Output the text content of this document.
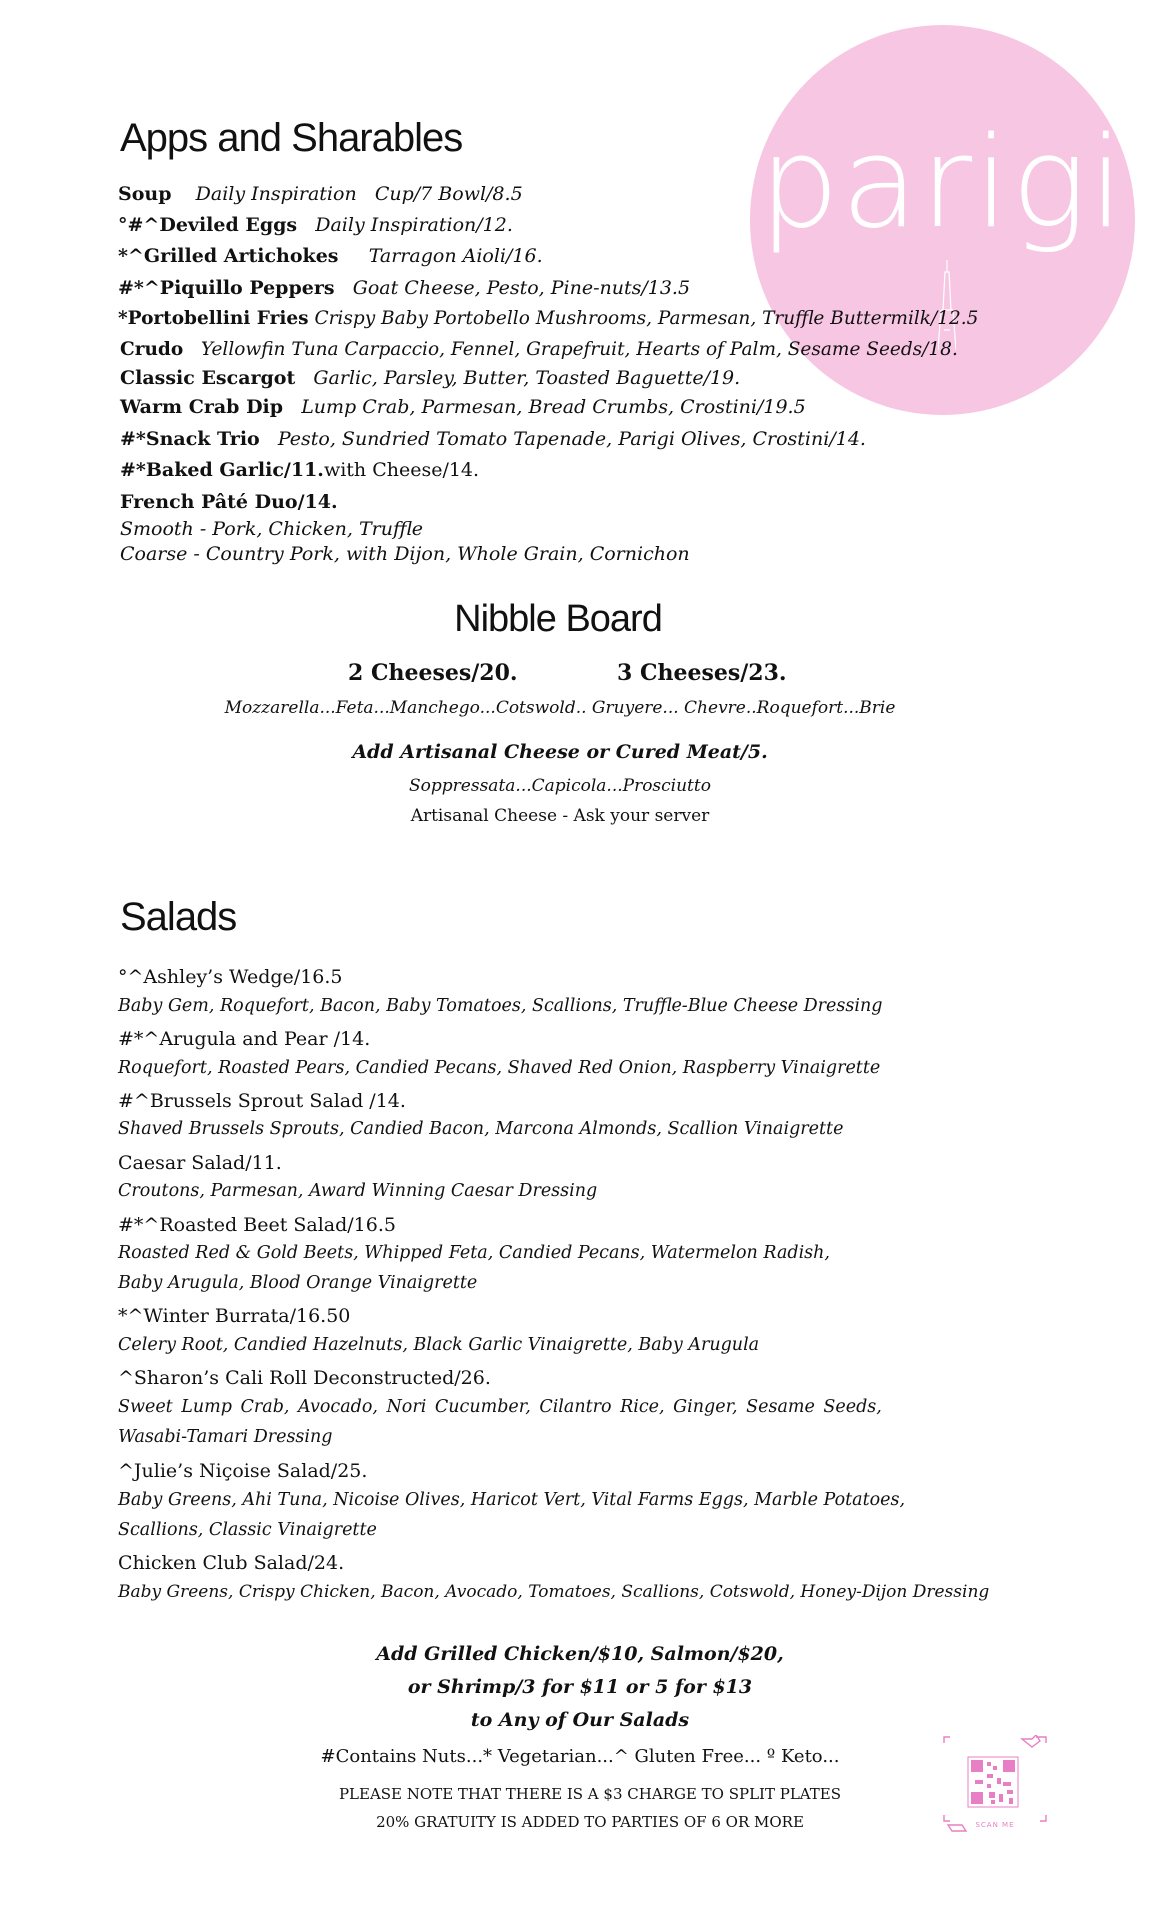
parigi
Apps and Sharables
Soup Daily Inspiration Cup/7 Bowl/8.5
°#^Deviled Eggs Daily Inspiration/12.
*^Grilled Artichokes Tarragon Aioli/16.
#*^Piquillo Peppers Goat Cheese, Pesto, Pine-nuts/13.5
*Portobellini Fries Crispy Baby Portobello Mushrooms, Parmesan, Truffle Buttermilk/12.5
Crudo Yellowfin Tuna Carpaccio, Fennel, Grapefruit, Hearts of Palm, Sesame Seeds/18.
Classic Escargot Garlic, Parsley, Butter, Toasted Baguette/19.
Warm Crab Dip Lump Crab, Parmesan, Bread Crumbs, Crostini/19.5
#*Snack Trio Pesto, Sundried Tomato Tapenade, Parigi Olives, Crostini/14.
#*Baked Garlic/11.with Cheese/14.
French Pâté Duo/14.
Smooth - Pork, Chicken, Truffle
Coarse - Country Pork, with Dijon, Whole Grain, Cornichon
Nibble Board
2 Cheeses/20.	3 Cheeses/23.
Mozzarella...Feta...Manchego...Cotswold.. Gruyere... Chevre..Roquefort...Brie
Add Artisanal Cheese or Cured Meat/5.
Soppressata...Capicola...Prosciutto
Artisanal Cheese - Ask your server
Salads
°^Ashley’s Wedge/16.5
Baby Gem, Roquefort, Bacon, Baby Tomatoes, Scallions, Truffle-Blue Cheese Dressing
#*^Arugula and Pear /14.
Roquefort, Roasted Pears, Candied Pecans, Shaved Red Onion, Raspberry Vinaigrette
#^Brussels Sprout Salad /14.
Shaved Brussels Sprouts, Candied Bacon, Marcona Almonds, Scallion Vinaigrette
Caesar Salad/11.
Croutons, Parmesan, Award Winning Caesar Dressing
#*^Roasted Beet Salad/16.5
Roasted Red & Gold Beets, Whipped Feta, Candied Pecans, Watermelon Radish,
Baby Arugula, Blood Orange Vinaigrette
*^Winter Burrata/16.50
Celery Root, Candied Hazelnuts, Black Garlic Vinaigrette, Baby Arugula
^Sharon’s Cali Roll Deconstructed/26.
Sweet Lump Crab, Avocado, Nori Cucumber, Cilantro Rice, Ginger, Sesame Seeds,
Wasabi-Tamari Dressing
^Julie’s Niçoise Salad/25.
Baby Greens, Ahi Tuna, Nicoise Olives, Haricot Vert, Vital Farms Eggs, Marble Potatoes,
Scallions, Classic Vinaigrette
Chicken Club Salad/24.
Baby Greens, Crispy Chicken, Bacon, Avocado, Tomatoes, Scallions, Cotswold, Honey-Dijon Dressing
Add Grilled Chicken/$10, Salmon/$20,
or Shrimp/3 for $11 or 5 for $13
to Any of Our Salads
#Contains Nuts...* Vegetarian...^ Gluten Free... º Keto...
PLEASE NOTE THAT THERE IS A $3 CHARGE TO SPLIT PLATES
20% GRATUITY IS ADDED TO PARTIES OF 6 OR MORE	SCAN ME
